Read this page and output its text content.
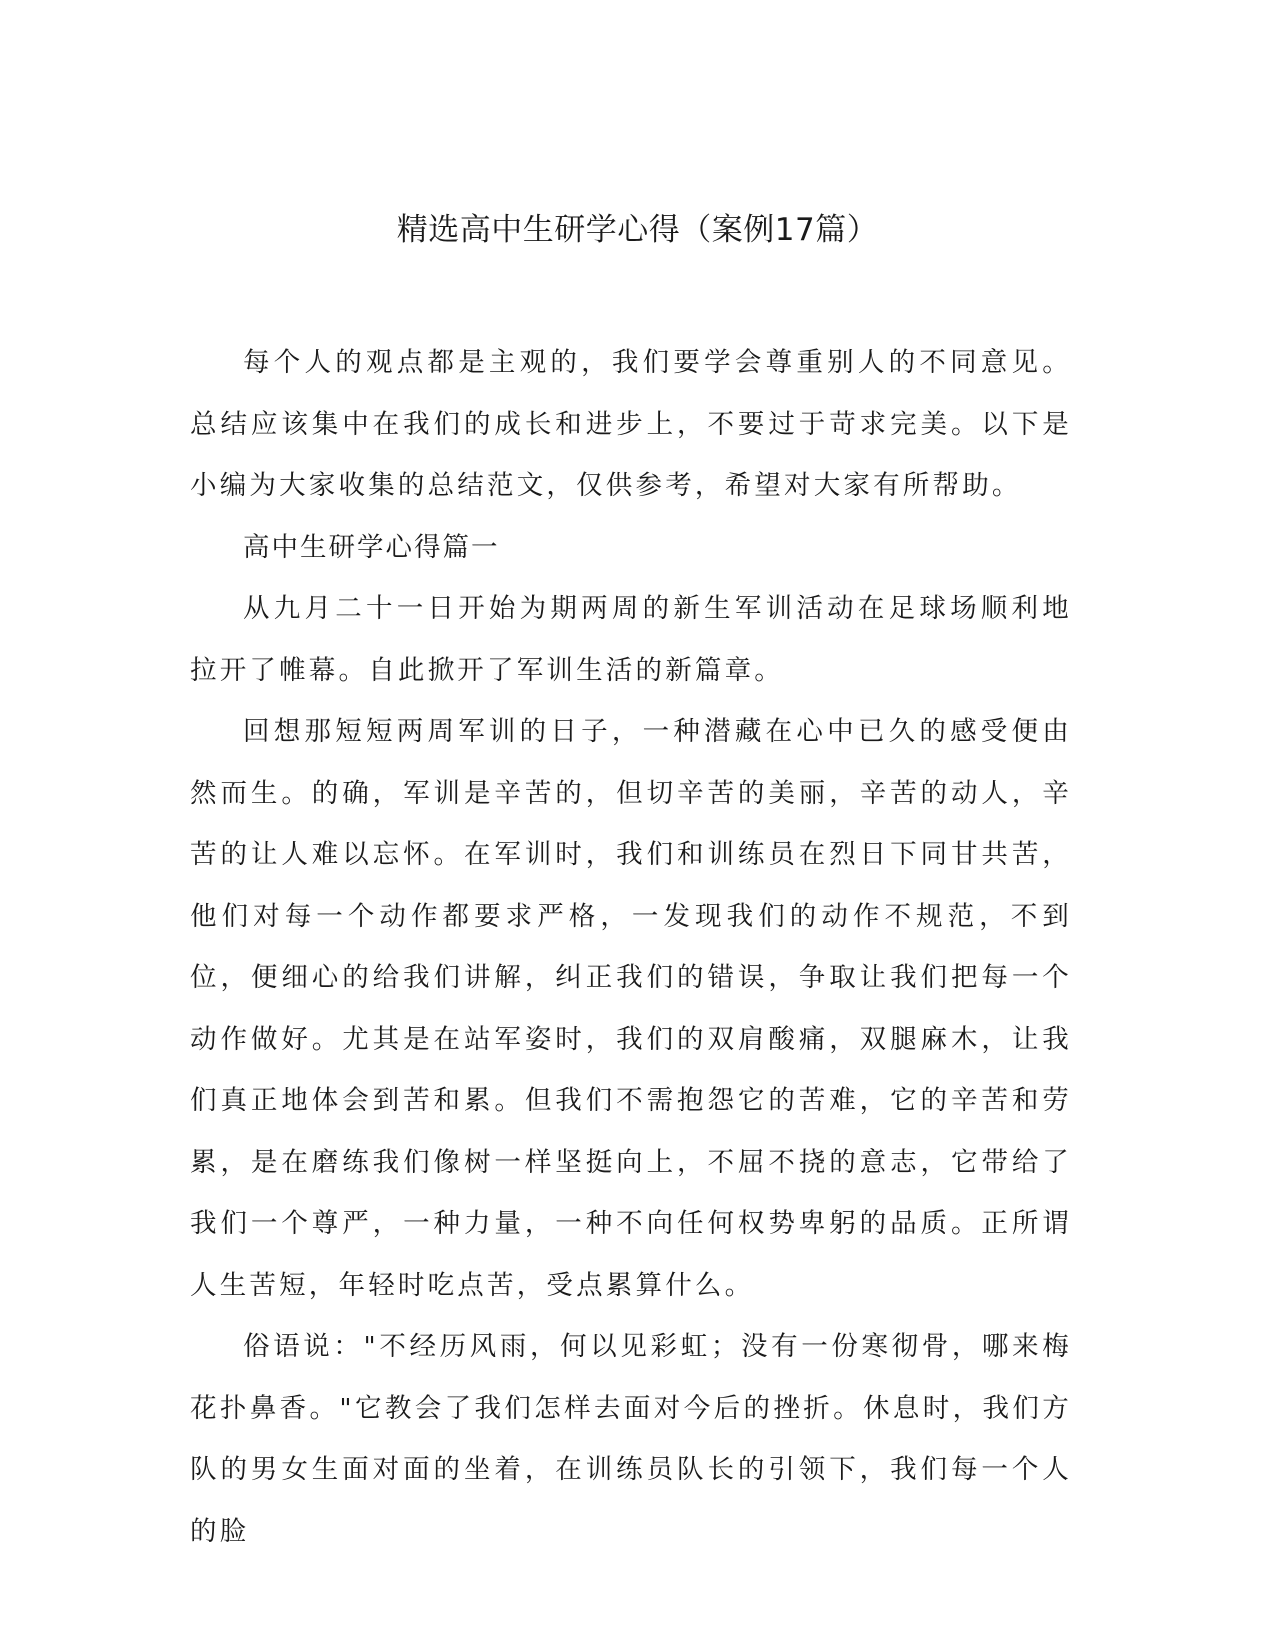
精选高中生研学心得（案例17篇）

每个人的观点都是主观的，我们要学会尊重别人的不同意见。总结应该集中在我们的成长和进步上，不要过于苛求完美。以下是小编为大家收集的总结范文，仅供参考，希望对大家有所帮助。

高中生研学心得篇一

从九月二十一日开始为期两周的新生军训活动在足球场顺利地拉开了帷幕。自此掀开了军训生活的新篇章。

回想那短短两周军训的日子，一种潜藏在心中已久的感受便由然而生。的确，军训是辛苦的，但切辛苦的美丽，辛苦的动人，辛苦的让人难以忘怀。在军训时，我们和训练员在烈日下同甘共苦，他们对每一个动作都要求严格，一发现我们的动作不规范，不到位，便细心的给我们讲解，纠正我们的错误，争取让我们把每一个动作做好。尤其是在站军姿时，我们的双肩酸痛，双腿麻木，让我们真正地体会到苦和累。但我们不需抱怨它的苦难，它的辛苦和劳累，是在磨练我们像树一样坚挺向上，不屈不挠的意志，它带给了我们一个尊严，一种力量，一种不向任何权势卑躬的品质。正所谓人生苦短，年轻时吃点苦，受点累算什么。

俗语说："不经历风雨，何以见彩虹；没有一份寒彻骨，哪来梅花扑鼻香。"它教会了我们怎样去面对今后的挫折。休息时，我们方队的男女生面对面的坐着，在训练员队长的引领下，我们每一个人的脸
